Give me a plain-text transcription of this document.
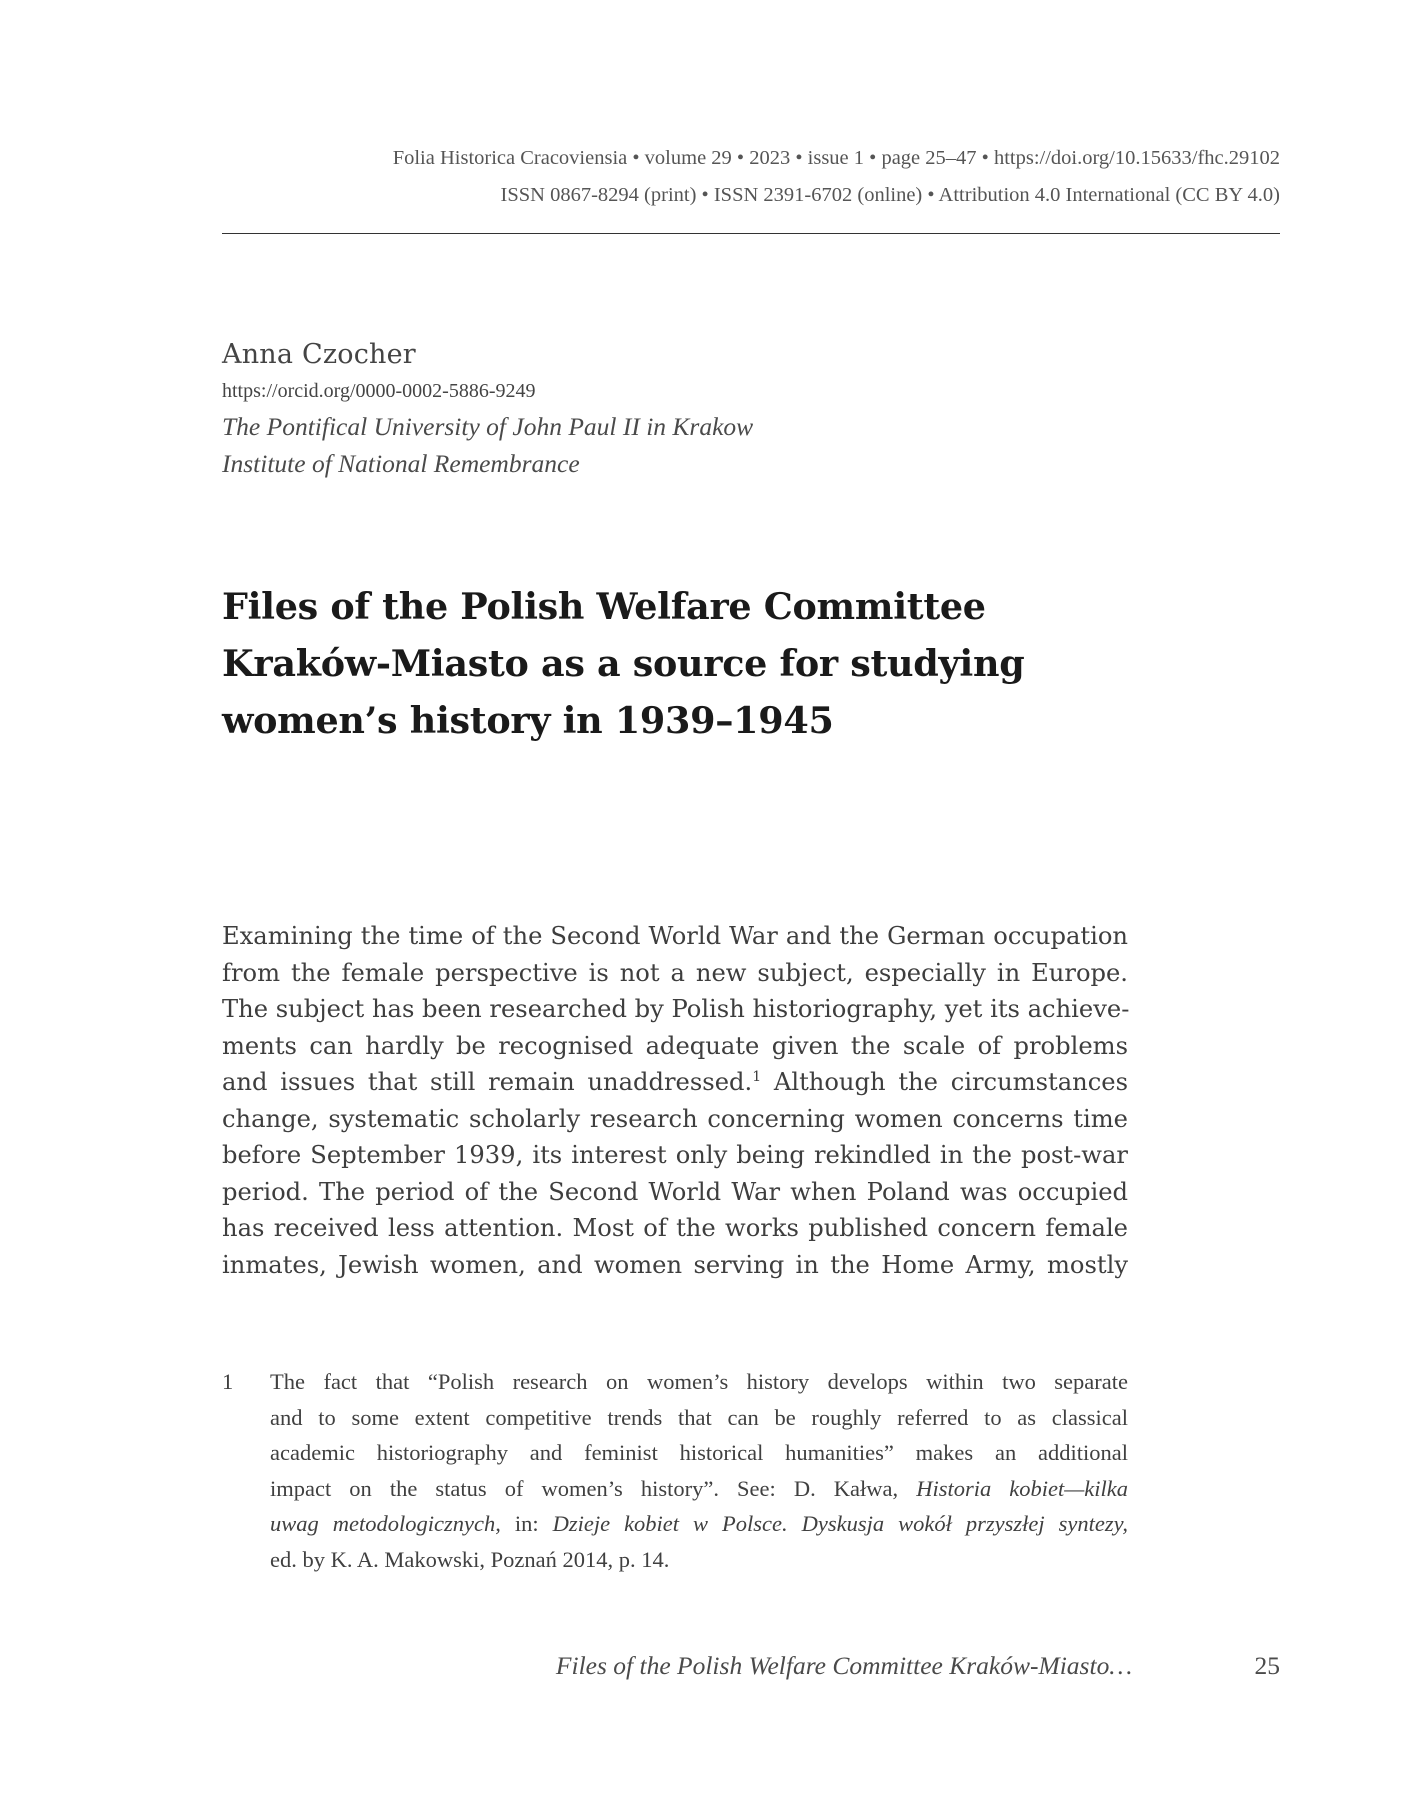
Folia Historica Cracoviensia • volume 29 • 2023 • issue 1 • page 25–47 • https://doi.org/10.15633/fhc.29102
ISSN 0867-8294 (print) • ISSN 2391-6702 (online) • Attribution 4.0 International (CC BY 4.0)
Anna Czocher
https://orcid.org/0000-0002-5886-9249
The Pontifical University of John Paul II in Krakow
Institute of National Remembrance
Files of the Polish Welfare Committee
Kraków-Miasto as a source for studying
women’s history in 1939–1945
Examining the time of the Second World War and the German occupation
from the female perspective is not a new subject, especially in Europe.
The subject has been researched by Polish historiography, yet its achieve-
ments can hardly be recognised adequate given the scale of problems
and issues that still remain unaddressed.$^1$ Although the circumstances
change, systematic scholarly research concerning women concerns time
before September 1939, its interest only being rekindled in the post-war
period. The period of the Second World War when Poland was occupied
has received less attention. Most of the works published concern female
inmates, Jewish women, and women serving in the Home Army, mostly
1 The fact that “Polish research on women’s history develops within two separate
and to some extent competitive trends that can be roughly referred to as classical
academic historiography and feminist historical humanities” makes an additional
impact on the status of women’s history”. See: D. Kałwa, Historia kobiet—kilka
uwag metodologicznych, in: Dzieje kobiet w Polsce. Dyskusja wokół przyszłej syntezy,
ed. by K. A. Makowski, Poznań 2014, p. 14.
Files of the Polish Welfare Committee Kraków-Miasto…	25
